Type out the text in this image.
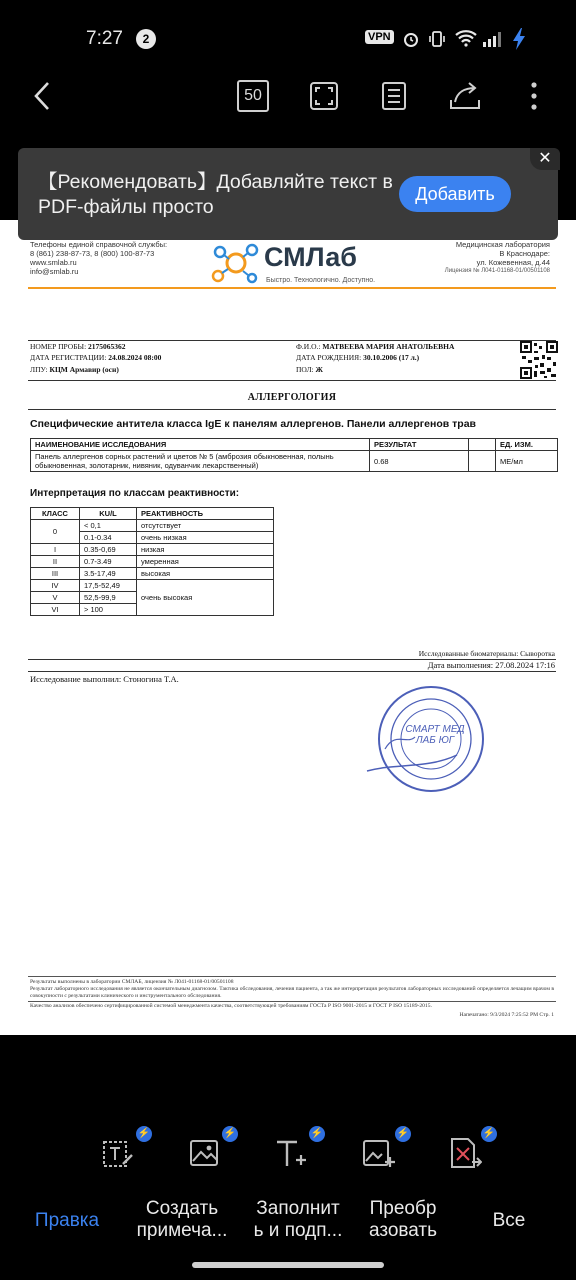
7:27	2	VPN
50
Телефоны единой справочной службы:
8 (861) 238-87-73, 8 (800) 100-87-73
www.smlab.ru
info@smlab.ru	СМЛаб
Быстро. Технологично. Доступно.
Медицинская лаборатория
В Краснодаре:
ул. Кожевенная, д.44
Лицензия № Л041-01168-01/00501108
НОМЕР ПРОБЫ: 2175065362
ДАТА РЕГИСТРАЦИИ: 24.08.2024 08:00
ЛПУ: КЦМ Армавир (осн)
Ф.И.О.: МАТВЕЕВА МАРИЯ АНАТОЛЬЕВНА
ДАТА РОЖДЕНИЯ: 30.10.2006 (17 л.)
ПОЛ: Ж
АЛЛЕРГОЛОГИЯ
Специфические антитела класса IgE к панелям аллергенов. Панели аллергенов трав
НАИМЕНОВАНИЕ ИССЛЕДОВАНИЯ	РЕЗУЛЬТАТ		ЕД. ИЗМ.
Панель аллергенов сорных растений и цветов № 5 (амброзия обыкновенная, полынь обыкновенная, золотарник, нивяник, одуванчик лекарственный)	0.68		МЕ/мл
Интерпретация по классам реактивности:
КЛАСС	KU/L	РЕАКТИВНОСТЬ
0	< 0,1	отсутствует
	0.1-0.34	очень низкая
I	0.35-0,69	низкая
II	0.7-3.49	умеренная
III	3.5-17,49	высокая
IV	17,5-52,49	очень высокая
V	52,5-99,9	
VI	> 100	
Исследованные биоматериалы: Сыворотка
Дата выполнения: 27.08.2024 17:16
Исследование выполнил: Стоногина Т.А.
СМАРТ МЕД ЛАБ ЮГ
Результаты выполнены в лаборатории СМЛАБ, лицензия № Л041-01168-01/00501108
Результат лабораторного исследования не является окончательным диагнозом. Тактика обследования, лечения пациента, а так же интерпретация результатов лабораторных исследований определяется лечащим врачом в совокупности с результатами клинического и инструментального обследования.
Качество анализов обеспечено сертифицированной системой менеджмента качества, соответствующей требованиям ГОСТа Р ISO 9001-2015 и ГОСТ Р ISO 15189-2015.
Напечатано: 9/3/2024 7:25:52 PM Стр. 1
【Рекомендовать】Добавляйте текст в PDF-файлы просто
Добавить
✕
⚡	⚡	⚡	⚡	⚡
Правка
Создать
примеча...
Заполнит
ь и подп...
Преобр
азовать	Все
